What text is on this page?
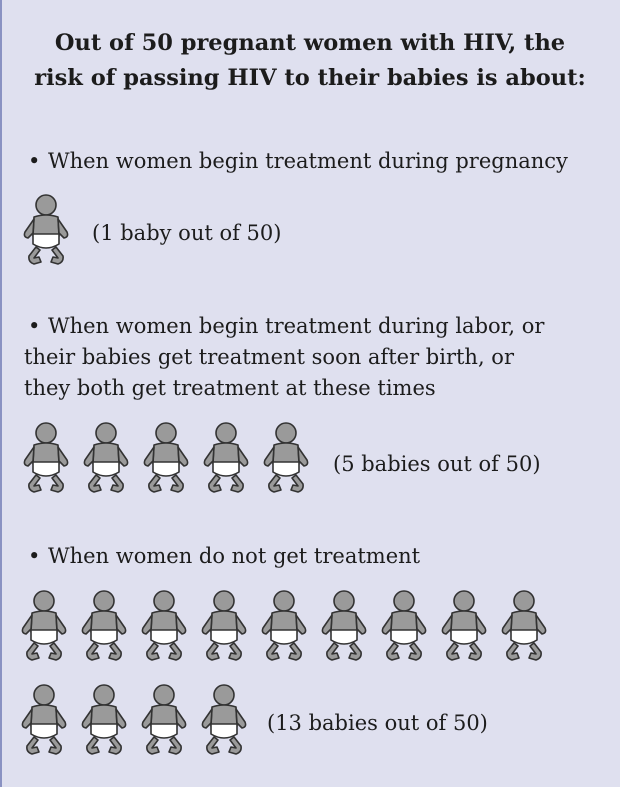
Out of 50 pregnant women with HIV, the
risk of passing HIV to their babies is about:
• When women begin treatment during pregnancy
(1 baby out of 50)
• When women begin treatment during labor, or
their babies get treatment soon after birth, or
they both get treatment at these times
(5 babies out of 50)
• When women do not get treatment
(13 babies out of 50)
